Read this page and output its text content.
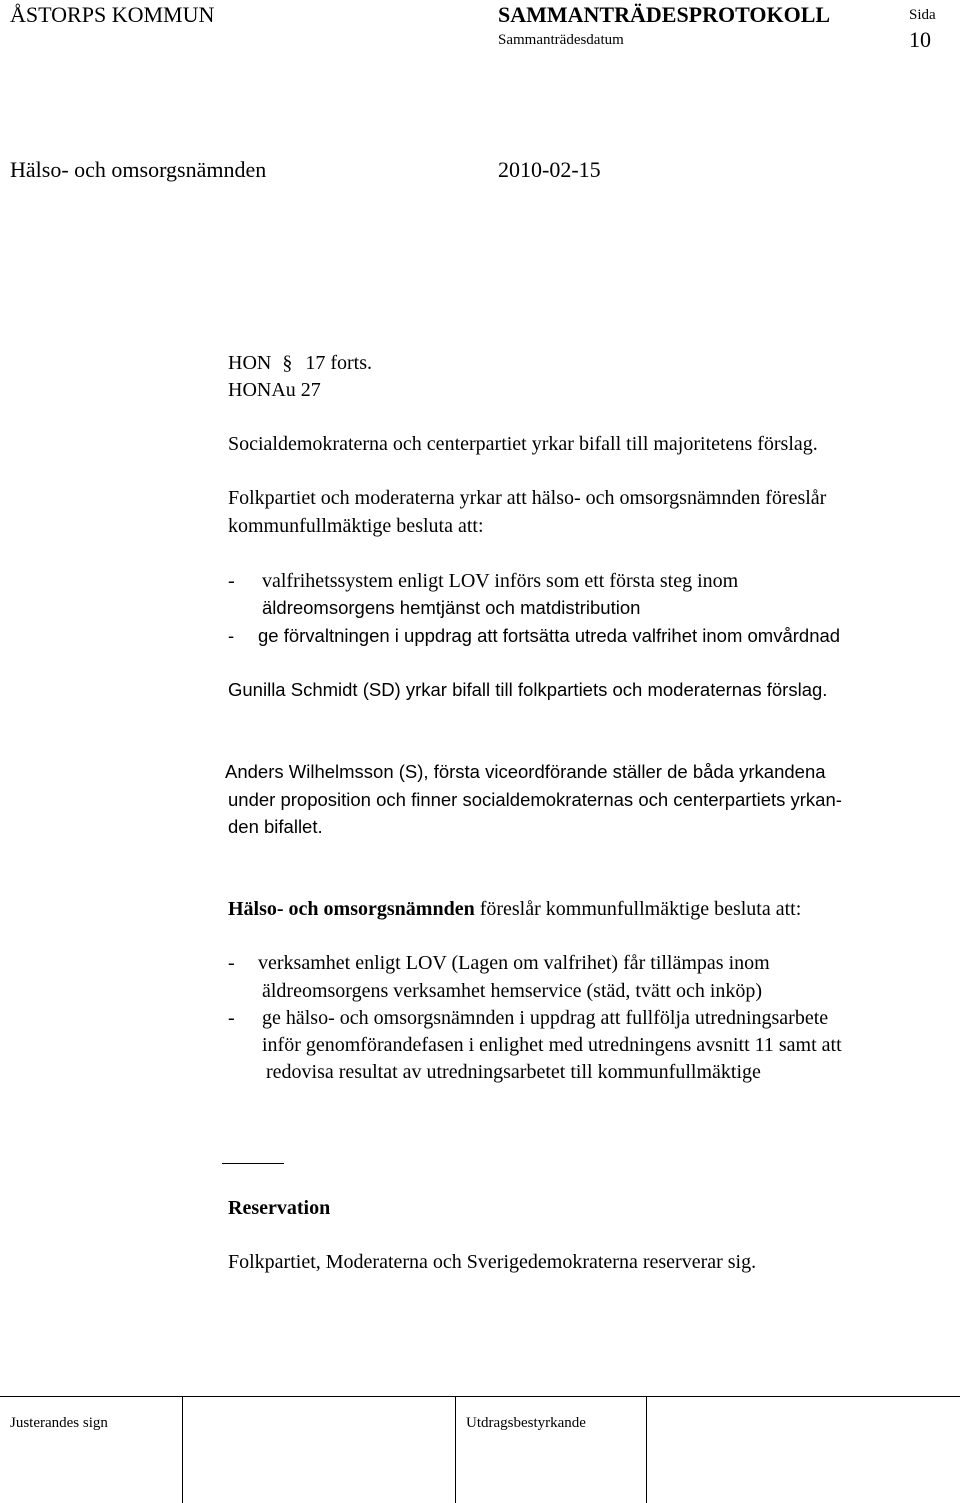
ÅSTORPS KOMMUN	SAMMANTRÄDESPROTOKOLL	Sida
Sammanträdesdatum	10
Hälso- och omsorgsnämnden	2010-02-15
HON § 17 forts.
HONAu 27
Socialdemokraterna och centerpartiet yrkar bifall till majoritetens förslag.
Folkpartiet och moderaterna yrkar att hälso- och omsorgsnämnden föreslår
kommunfullmäktige besluta att:
- valfrihetssystem enligt LOV införs som ett första steg inom
äldreomsorgens hemtjänst och matdistribution
- ge förvaltningen i uppdrag att fortsätta utreda valfrihet inom omvårdnad
Gunilla Schmidt (SD) yrkar bifall till folkpartiets och moderaternas förslag.
Anders Wilhelmsson (S), första viceordförande ställer de båda yrkandena
under proposition och finner socialdemokraternas och centerpartiets yrkan-
den bifallet.
Hälso- och omsorgsnämnden föreslår kommunfullmäktige besluta att:
- verksamhet enligt LOV (Lagen om valfrihet) får tillämpas inom
äldreomsorgens verksamhet hemservice (städ, tvätt och inköp)
- ge hälso- och omsorgsnämnden i uppdrag att fullfölja utredningsarbete
inför genomförandefasen i enlighet med utredningens avsnitt 11 samt att
redovisa resultat av utredningsarbetet till kommunfullmäktige
Reservation
Folkpartiet, Moderaterna och Sverigedemokraterna reserverar sig.
Justerandes sign	Utdragsbestyrkande
